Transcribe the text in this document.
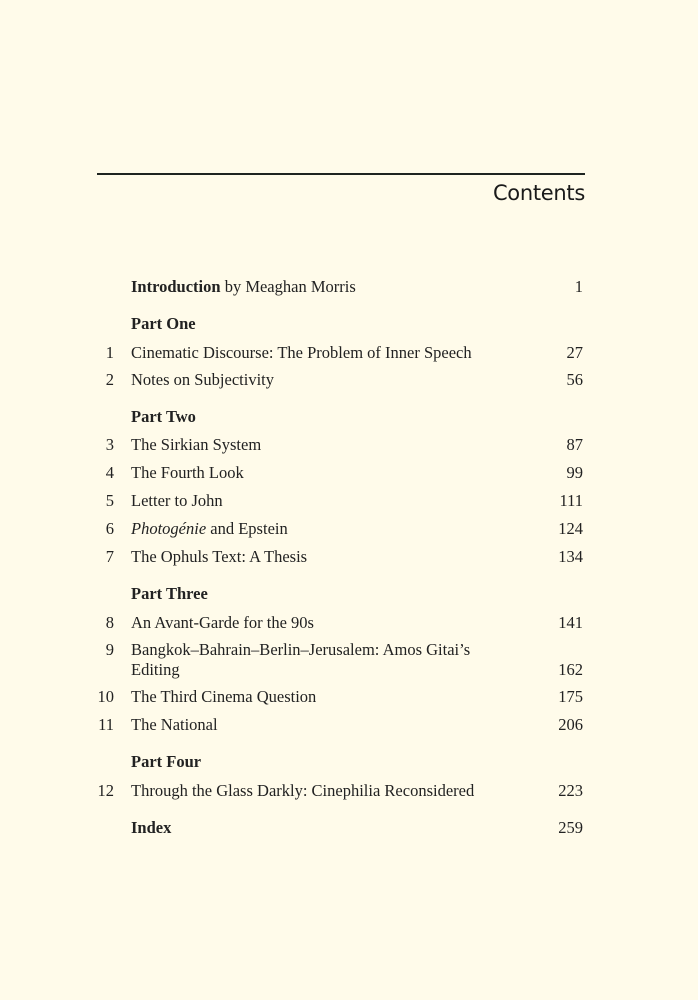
Contents
Introduction by Meaghan Morris	1
Part One
1 Cinematic Discourse: The Problem of Inner Speech	27
2 Notes on Subjectivity	56
Part Two
3 The Sirkian System	87
4 The Fourth Look	99
5 Letter to John	111
6 Photogénie and Epstein	124
7 The Ophuls Text: A Thesis	134
Part Three
8 An Avant-Garde for the 90s	141
9 Bangkok–Bahrain–Berlin–Jerusalem: Amos Gitai’s
Editing	162
10 The Third Cinema Question	175
11 The National	206
Part Four
12 Through the Glass Darkly: Cinephilia Reconsidered	223
Index	259
